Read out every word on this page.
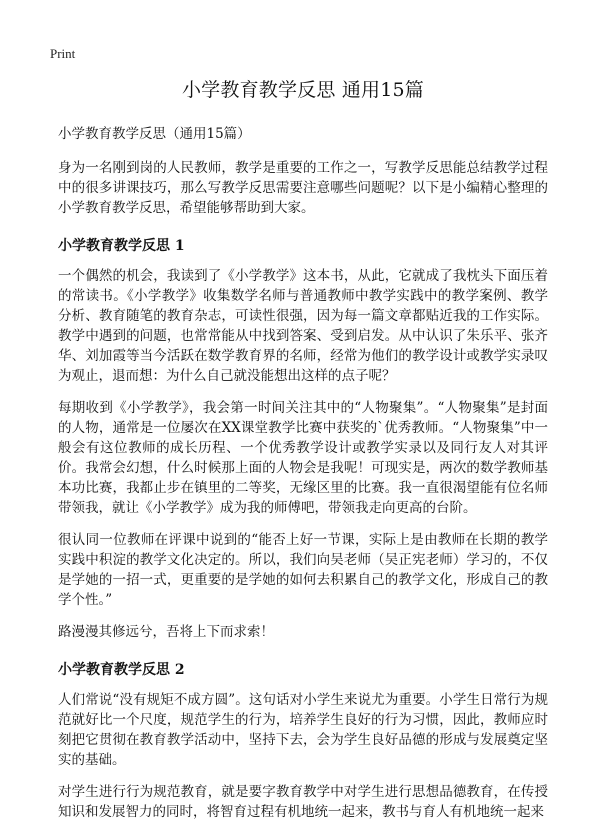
Print
小学教育教学反思 通用15篇
小学教育教学反思（通用15篇）

身为一名刚到岗的人民教师，教学是重要的工作之一，写教学反思能总结教学过程中的很多讲课技巧，那么写教学反思需要注意哪些问题呢？以下是小编精心整理的小学教育教学反思，希望能够帮助到大家。

小学教育教学反思 1

一个偶然的机会，我读到了《小学教学》这本书，从此，它就成了我枕头下面压着的常读书。《小学教学》收集数学名师与普通教师中教学实践中的教学案例、教学分析、教育随笔的教育杂志，可读性很强，因为每一篇文章都贴近我的工作实际。教学中遇到的问题，也常常能从中找到答案、受到启发。从中认识了朱乐平、张齐华、刘加霞等当今活跃在数学教育界的名师，经常为他们的教学设计或教学实录叹为观止，退而想：为什么自己就没能想出这样的点子呢？

每期收到《小学教学》，我会第一时间关注其中的“人物聚集”。“人物聚集”是封面的人物，通常是一位屡次在XX课堂教学比赛中获奖的`优秀教师。“人物聚集”中一般会有这位教师的成长历程、一个优秀教学设计或教学实录以及同行友人对其评价。我常会幻想，什么时候那上面的人物会是我呢！可现实是，两次的数学教师基本功比赛，我都止步在镇里的二等奖，无缘区里的比赛。我一直很渴望能有位名师带领我，就让《小学教学》成为我的师傅吧，带领我走向更高的台阶。

很认同一位教师在评课中说到的“能否上好一节课，实际上是由教师在长期的教学实践中积淀的教学文化决定的。所以，我们向吴老师（吴正宪老师）学习的，不仅是学她的一招一式，更重要的是学她的如何去积累自己的教学文化，形成自己的教学个性。”

路漫漫其修远兮，吾将上下而求索！

小学教育教学反思 2

人们常说“没有规矩不成方圆”。这句话对小学生来说尤为重要。小学生日常行为规范就好比一个尺度，规范学生的行为，培养学生良好的行为习惯，因此，教师应时刻把它贯彻在教育教学活动中，坚持下去，会为学生良好品德的形成与发展奠定坚实的基础。

对学生进行行为规范教育，就是要字教育教学中对学生进行思想品德教育，在传授知识和发展智力的同时，将智育过程有机地统一起来，教书与育人有机地统一起来
